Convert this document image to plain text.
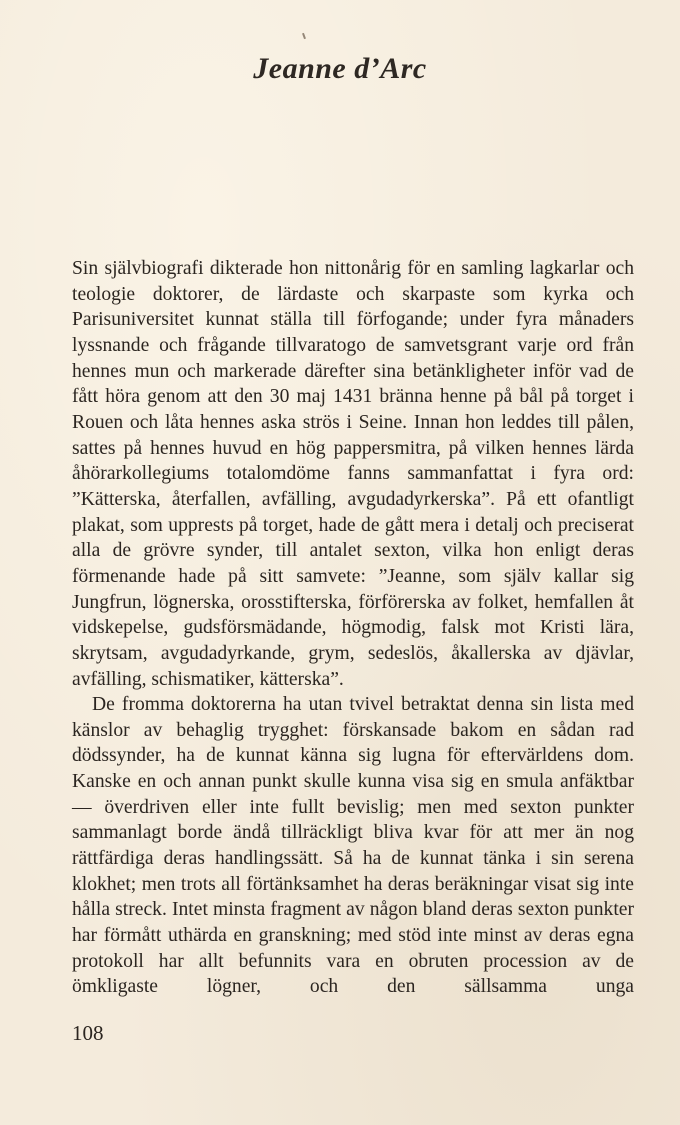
Jeanne d’Arc

Sin självbiografi dikterade hon nittonårig för en samling lagkarlar och teologie doktorer, de lärdaste och skarpaste som kyrka och Parisuniversitet kunnat ställa till förfogande; under fyra månaders lyssnande och frågande tillvaratogo de samvetsgrant varje ord från hennes mun och markerade därefter sina betänkligheter inför vad de fått höra genom att den 30 maj 1431 bränna henne på bål på torget i Rouen och låta hennes aska strös i Seine. Innan hon leddes till pålen, sattes på hennes huvud en hög pappersmitra, på vilken hennes lärda åhörarkollegiums totalomdöme fanns sammanfattat i fyra ord: ”Kätterska, återfallen, avfälling, avgudadyrkerska”. På ett ofantligt plakat, som upprests på torget, hade de gått mera i detalj och preciserat alla de grövre synder, till antalet sexton, vilka hon enligt deras förmenande hade på sitt samvete: ”Jeanne, som själv kallar sig Jungfrun, lögnerska, orosstifterska, förförerska av folket, hemfallen åt vidskepelse, gudsförsmädande, högmodig, falsk mot Kristi lära, skrytsam, avgudadyrkande, grym, sedeslös, åkallerska av djävlar, avfälling, schismatiker, kätterska”.

De fromma doktorerna ha utan tvivel betraktat denna sin lista med känslor av behaglig trygghet: förskansade bakom en sådan rad dödssynder, ha de kunnat känna sig lugna för eftervärldens dom. Kanske en och annan punkt skulle kunna visa sig en smula anfäktbar — överdriven eller inte fullt bevislig; men med sexton punkter sammanlagt borde ändå tillräckligt bliva kvar för att mer än nog rättfärdiga deras handlingssätt. Så ha de kunnat tänka i sin serena klokhet; men trots all förtänksamhet ha deras beräkningar visat sig inte hålla streck. Intet minsta fragment av någon bland deras sexton punkter har förmått uthärda en granskning; med stöd inte minst av deras egna protokoll har allt befunnits vara en obruten procession av de ömkligaste lögner, och den sällsamma unga

108
